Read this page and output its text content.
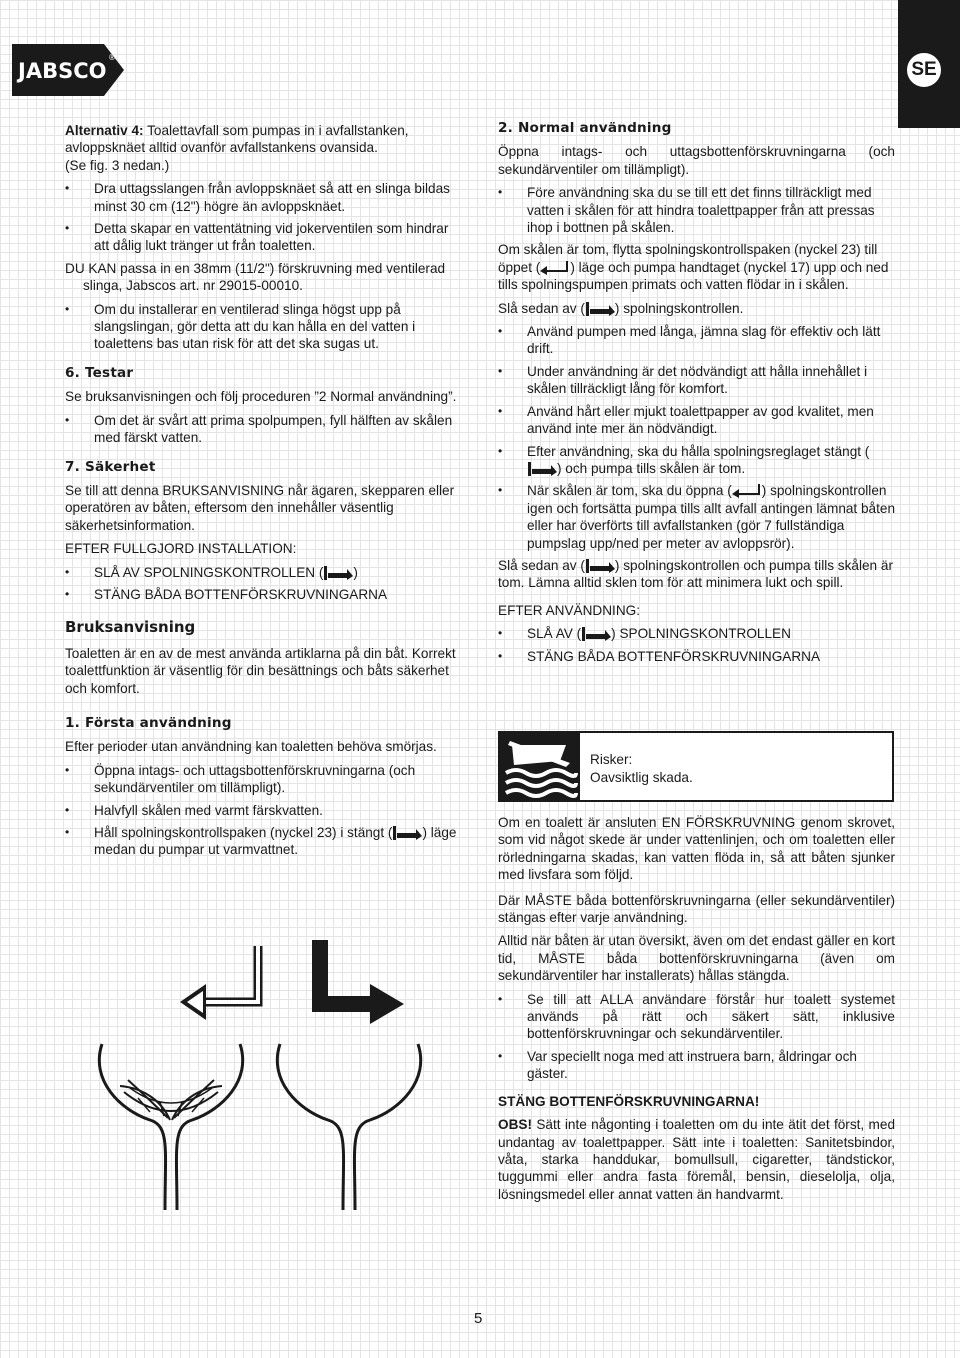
JABSCO
®
SE

Alternativ 4: Toalettavfall som pumpas in i avfallstanken, avloppsknäet alltid ovanför avfallstankens ovansida.
(Se fig. 3 nedan.)

• Dra uttagsslangen från avloppsknäet så att en slinga bildas minst 30 cm (12") högre än avloppsknäet.
• Detta skapar en vattentätning vid jokerventilen som hindrar att dålig lukt tränger ut från toaletten.

DU KAN passa in en 38mm (11/2") förskruvning med ventilerad slinga, Jabscos art. nr 29015-00010.

• Om du installerar en ventilerad slinga högst upp på slangslingan, gör detta att du kan hålla en del vatten i toalettens bas utan risk för att det ska sugas ut.
6. Testar

Se bruksanvisningen och följ proceduren ”2 Normal användning”.

• Om det är svårt att prima spolpumpen, fyll hälften av skålen med färskt vatten.
7. Säkerhet

Se till att denna BRUKSANVISNING når ägaren, skepparen eller operatören av båten, eftersom den innehåller väsentlig säkerhetsinformation.

EFTER FULLGJORD INSTALLATION:

• SLÅ AV SPOLNINGSKONTROLLEN ( )
• STÄNG BÅDA BOTTENFÖRSKRUVNINGARNA
Bruksanvisning

Toaletten är en av de mest använda artiklarna på din båt. Korrekt toalettfunktion är väsentlig för din besättnings och båts säkerhet och komfort.

1. Första användning

Efter perioder utan användning kan toaletten behöva smörjas.

• Öppna intags- och uttagsbottenförskruvningarna (och sekundärventiler om tillämpligt).
• Halvfyll skålen med varmt färskvatten.
• Håll spolningskontrollspaken (nyckel 23) i stängt ( ) läge medan du pumpar ut varmvattnet.
2. Normal användning

Öppna intags- och uttagsbottenförskruvningarna (och sekundärventiler om tillämpligt).

• Före användning ska du se till ett det finns tillräckligt med vatten i skålen för att hindra toalettpapper från att pressas ihop i bottnen på skålen.

Om skålen är tom, flytta spolningskontrollspaken (nyckel 23) till öppet ( ) läge och pumpa handtaget (nyckel 17) upp och ned tills spolningspumpen primats och vatten flödar in i skålen.

Slå sedan av ( ) spolningskontrollen.

• Använd pumpen med långa, jämna slag för effektiv och lätt drift.
• Under användning är det nödvändigt att hålla innehållet i skålen tillräckligt lång för komfort.
• Använd hårt eller mjukt toalettpapper av god kvalitet, men använd inte mer än nödvändigt.
• Efter användning, ska du hålla spolningsreglaget stängt (
) och pumpa tills skålen är tom.
• När skålen är tom, ska du öppna ( ) spolningskontrollen igen och fortsätta pumpa tills allt avfall antingen lämnat båten eller har överförts till avfallstanken (gör 7 fullständiga pumpslag upp/ned per meter av avloppsrör).

Slå sedan av ( ) spolningskontrollen och pumpa tills skålen är tom. Lämna alltid sklen tom för att minimera lukt och spill.

EFTER ANVÄNDNING:

• SLÅ AV ( ) SPOLNINGSKONTROLLEN
• STÄNG BÅDA BOTTENFÖRSKRUVNINGARNA
Risker:
Oavsiktlig skada.

Om en toalett är ansluten EN FÖRSKRUVNING genom skrovet, som vid något skede är under vattenlinjen, och om toaletten eller rörledningarna skadas, kan vatten flöda in, så att båten sjunker med livsfara som följd.

Där MÅSTE båda bottenförskruvningarna (eller sekundärventiler) stängas efter varje användning.

Alltid när båten är utan översikt, även om det endast gäller en kort tid, MÅSTE båda bottenförskruvningarna (även om sekundärventiler har installerats) hållas stängda.

• Se till att ALLA användare förstår hur toalett systemet används på rätt och säkert sätt, inklusive bottenförskruvningar och sekundärventiler.
• Var speciellt noga med att instruera barn, åldringar och gäster.

STÄNG BOTTENFÖRSKRUVNINGARNA!

OBS! Sätt inte någonting i toaletten om du inte ätit det först, med undantag av toalettpapper. Sätt inte i toaletten: Sanitetsbindor, våta, starka handdukar, bomullsull, cigaretter, tändstickor, tuggummi eller andra fasta föremål, bensin, dieselolja, olja, lösningsmedel eller annat vatten än handvarmt.

5
